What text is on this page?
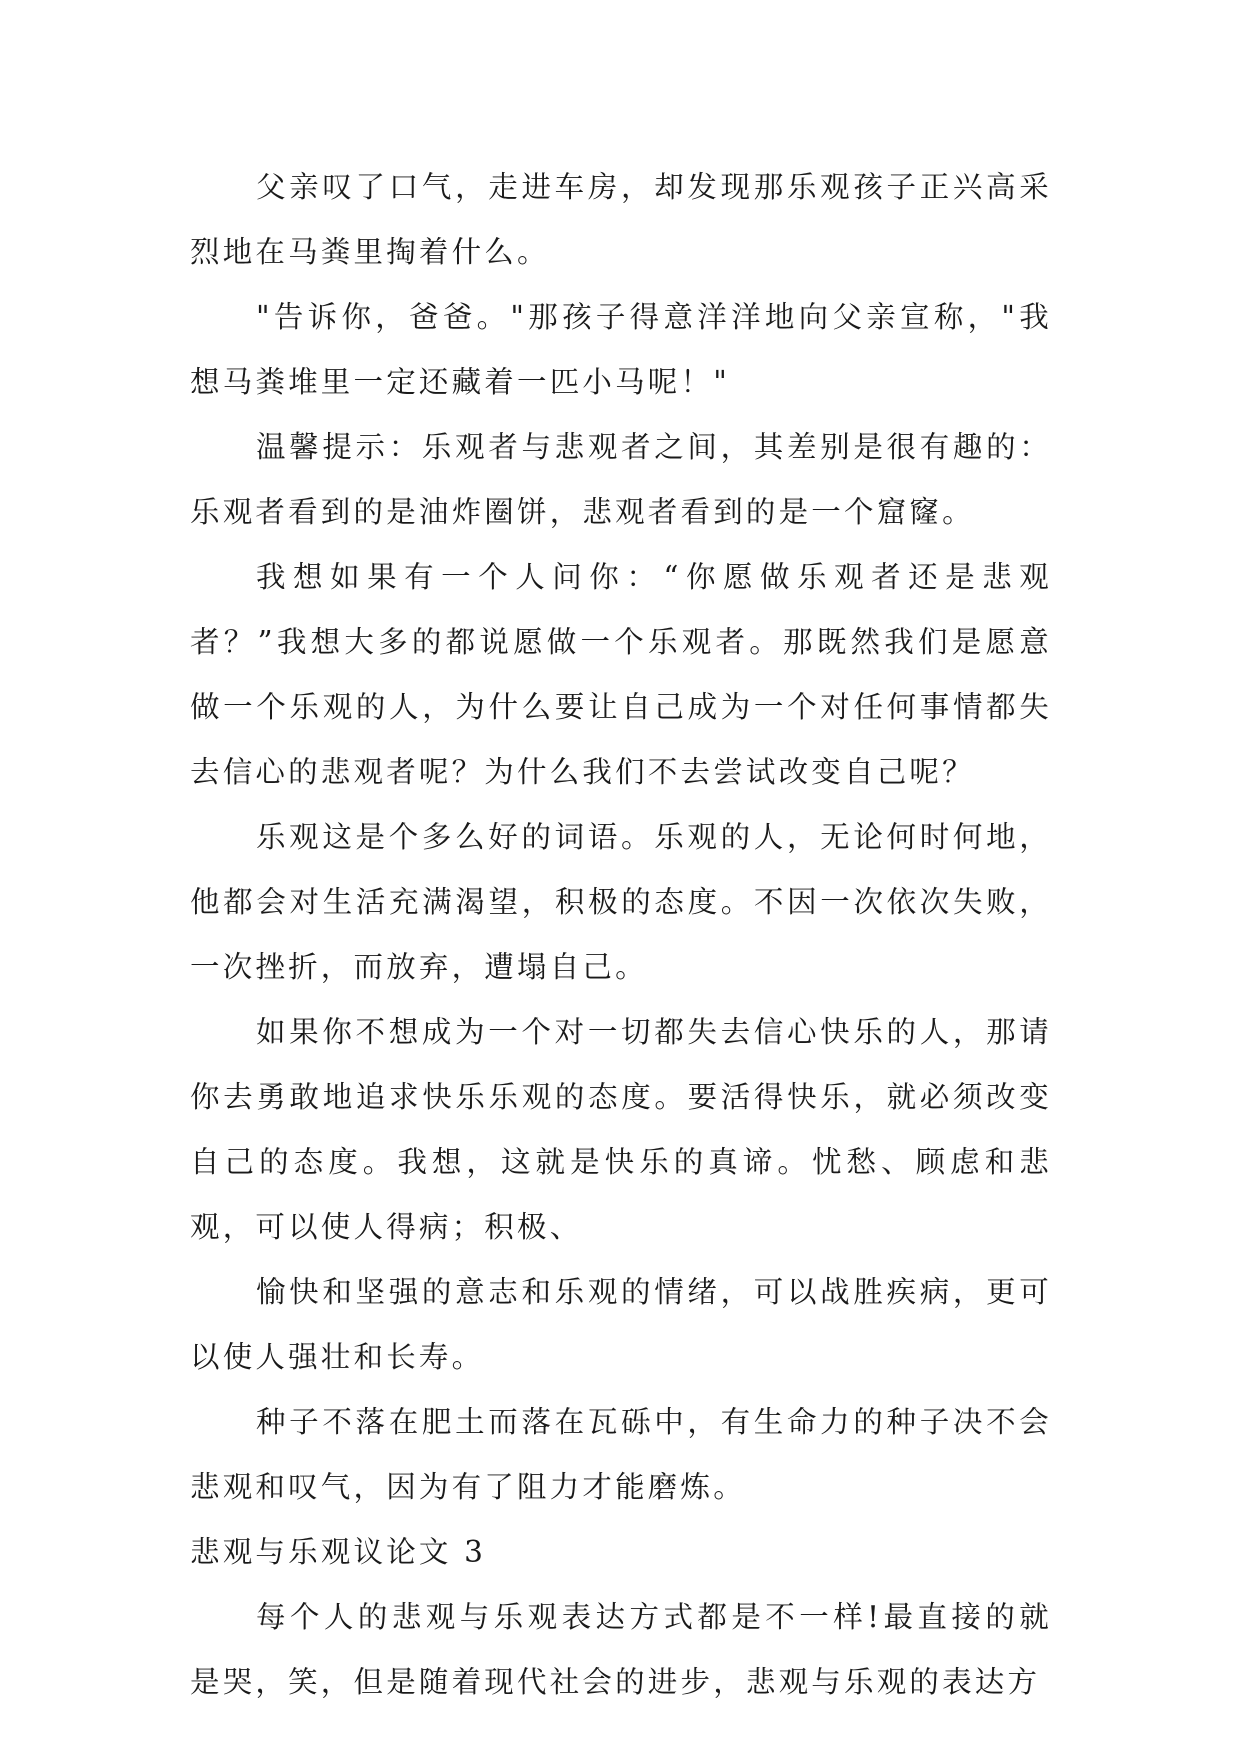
父亲叹了口气，走进车房，却发现那乐观孩子正兴高采烈地在马粪里掏着什么。

"告诉你，爸爸。"那孩子得意洋洋地向父亲宣称，"我想马粪堆里一定还藏着一匹小马呢！"

温馨提示：乐观者与悲观者之间，其差别是很有趣的：乐观者看到的是油炸圈饼，悲观者看到的是一个窟窿。

我想如果有一个人问你：“你愿做乐观者还是悲观者？”我想大多的都说愿做一个乐观者。那既然我们是愿意做一个乐观的人，为什么要让自己成为一个对任何事情都失去信心的悲观者呢？为什么我们不去尝试改变自己呢？

乐观这是个多么好的词语。乐观的人，无论何时何地，他都会对生活充满渴望，积极的态度。不因一次依次失败，一次挫折，而放弃，遭塌自己。

如果你不想成为一个对一切都失去信心快乐的人，那请你去勇敢地追求快乐乐观的态度。要活得快乐，就必须改变自己的态度。我想，这就是快乐的真谛。忧愁、顾虑和悲观，可以使人得病；积极、

愉快和坚强的意志和乐观的情绪，可以战胜疾病，更可以使人强壮和长寿。

种子不落在肥土而落在瓦砾中，有生命力的种子决不会悲观和叹气，因为有了阻力才能磨炼。

悲观与乐观议论文 3

每个人的悲观与乐观表达方式都是不一样!最直接的就是哭，笑，但是随着现代社会的进步，悲观与乐观的表达方
